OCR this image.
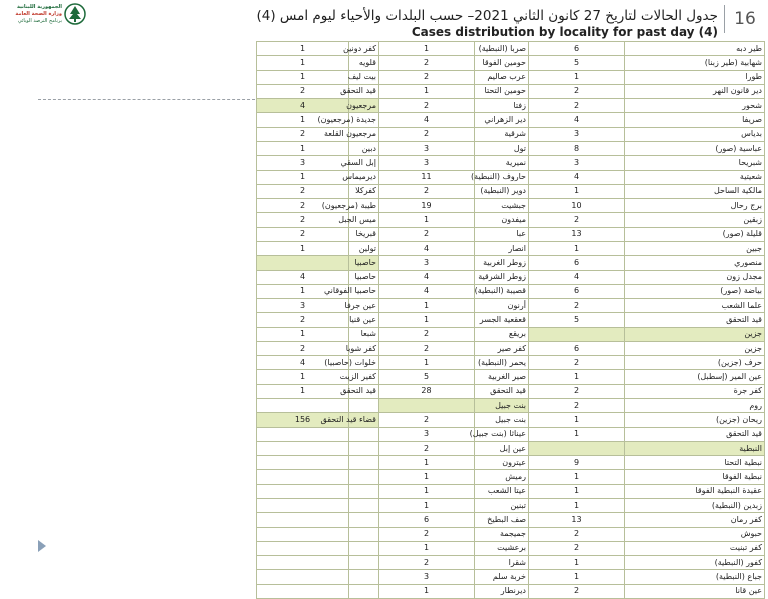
الجمهورية اللبنانية
وزارة الصحة العامة
برنامج الترصد الوبائي	جدول الحالات لتاريخ 27 كانون الثاني 2021– حسب البلدات والأحياء ليوم امس (4)
Cases distribution by locality for past day (4)
16
طير دبه	6	صربا (النبطية)	1	كفر دونين	1
شهابية (طير زبنا)	5	حومين الفوقا	2	قلويه	1
طورا	1	عرب صاليم	2	بيت ليف	1
دير قانون النهر	2	حومين التحتا	1	قيد التحقق	2
شحور	2	زفتا	2	مرجعيون	4
صريفا	4	دير الزهراني	4	جديدة (مرجعيون)	1
بدياس	3	شرقية	2	مرجعيون القلعة	2
عباسية (صور)	8	تول	3	دبين	1
شبريحا	3	نميرية	3	إبل السقي	3
شعيتية	4	حاروف (النبطية)	11	ديرميماس	1
مالكية الساحل	1	دوير (النبطية)	2	كفركلا	2
برج رحال	10	جبشيت	19	طيبة (مرجعيون)	2
زبقين	2	ميفدون	1	ميس الجبل	2
قليلة (صور)	13	عبا	2	قبريخا	2
جبين	1	انصار	4	تولين	1
منصوري	6	زوطر الغربية	3	حاصبيا	
مجدل زون	4	زوطر الشرقية	4	حاصبيا	4
بياضة (صور)	6	قصيبة (النبطية)	4	حاصبيا الفوقاني	1
علما الشعب	2	أرنون	1	عين جرفا	3
قيد التحقق	5	قعقعية الجسر	1	عين قنيا	2
جزين		بريقع	2	شبعا	1
جزين	6	كفر صير	2	كفر شوبا	2
حرف (جزين)	2	يحمر (النبطية)	1	خلوات (حاصبيا)	4
عين المير (إسطبل)	1	صير الغربية	5	كفير الزيت	1
كفر جرة	2	قيد التحقق	28	قيد التحقق	1
روم	2	بنت جبيل			
ريحان (جزين)	1	بنت جبيل	2	قضاء قيد التحقق	156
قيد التحقق	1	عيناثا (بنت جبيل)	3		
النبطية		عين إبل	2		
نبطية التحتا	9	عيترون	1		
نبطية الفوقا	1	رميش	1		
عقيدة النبطية الفوقا	1	عيتا الشعب	1		
زبدين (النبطية)	1	تبنين	1		
كفر رمان	13	صف البطيخ	6		
حبوش	2	جميجمة	2		
كفر تبنيت	2	برعشيت	1		
كفور (النبطية)	1	شقرا	2		
جباع (النبطية)	1	خربة سلم	3		
عين قانا	2	ديرنطار	1		
